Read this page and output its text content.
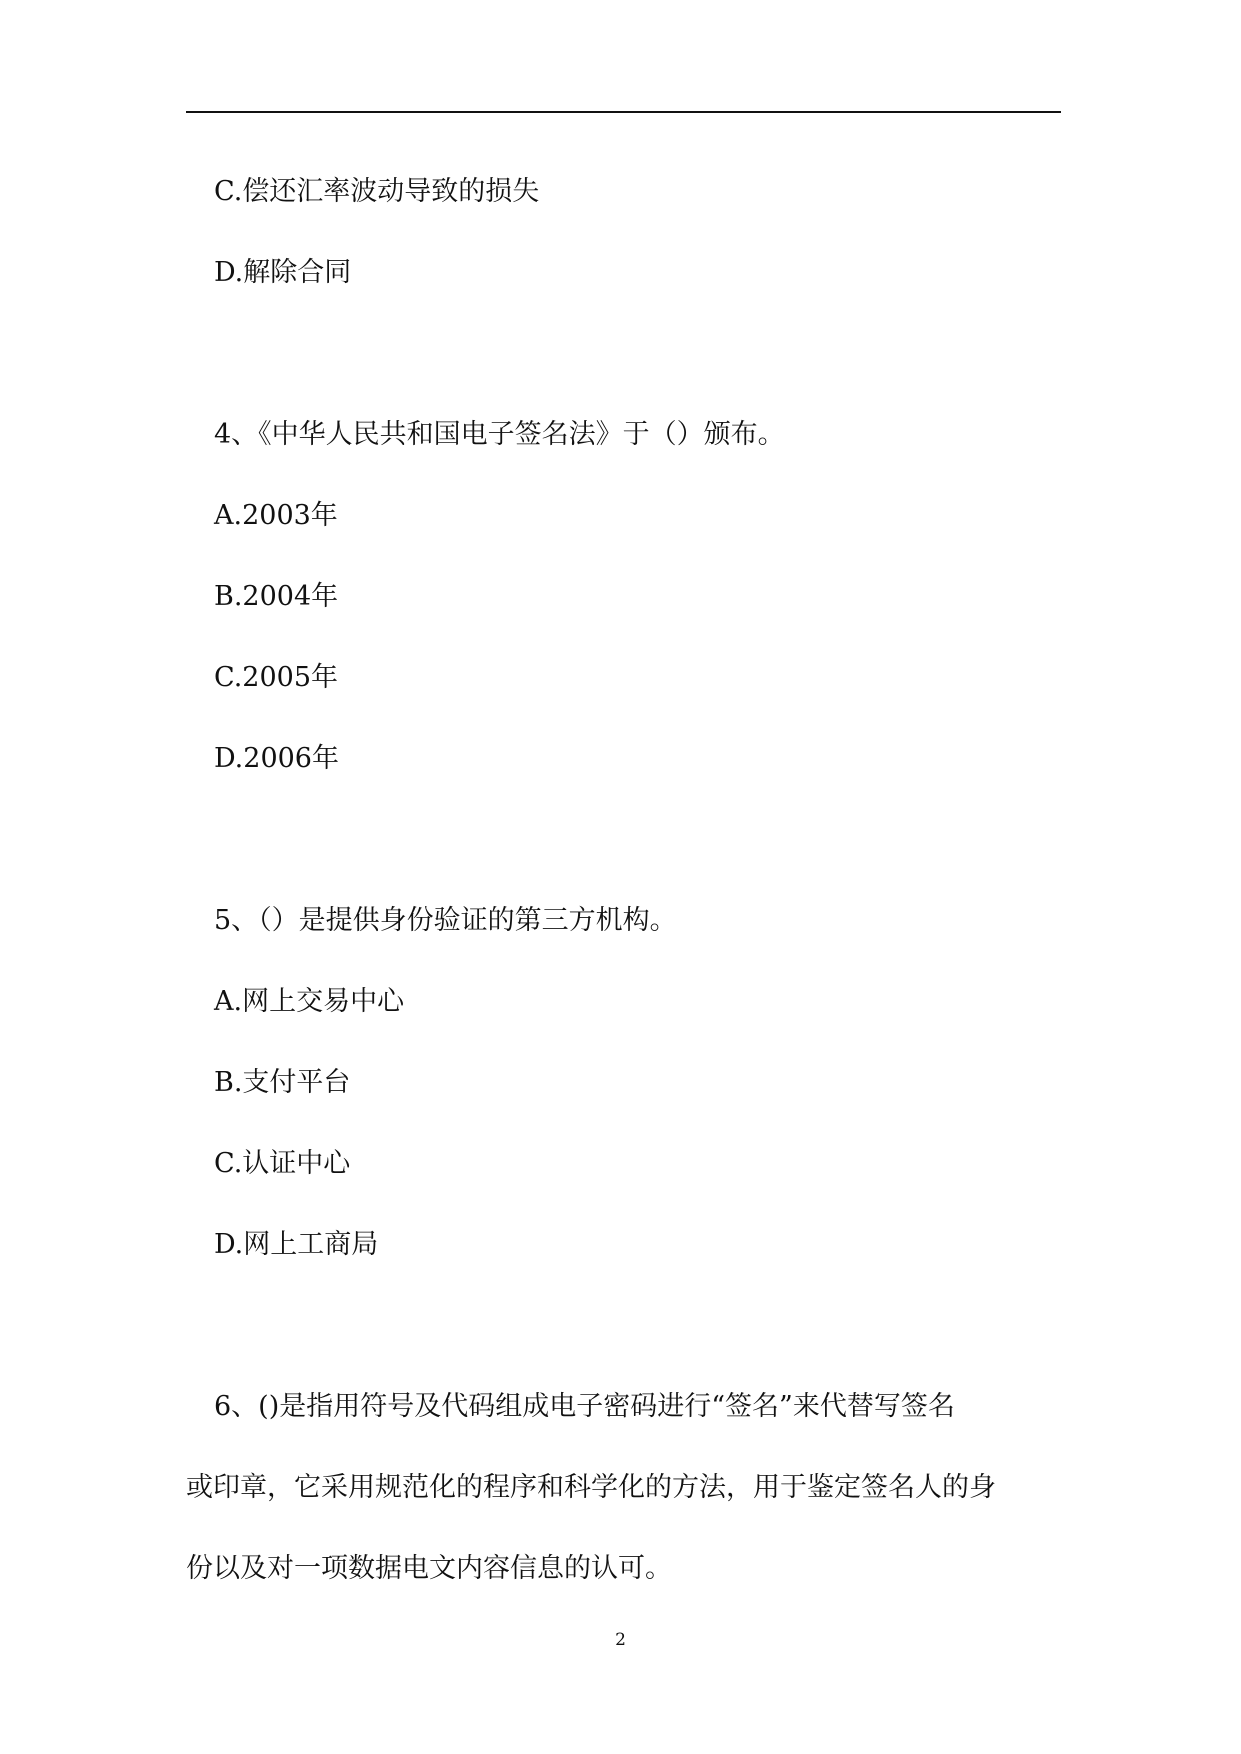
C.偿还汇率波动导致的损失
D.解除合同
4、《中华人民共和国电子签名法》于（）颁布。
A.2003年
B.2004年
C.2005年
D.2006年
5、（）是提供身份验证的第三方机构。
A.网上交易中心
B.支付平台
C.认证中心
D.网上工商局
6、()是指用符号及代码组成电子密码进行“签名”来代替写签名
或印章，它采用规范化的程序和科学化的方法，用于鉴定签名人的身
份以及对一项数据电文内容信息的认可。
2
